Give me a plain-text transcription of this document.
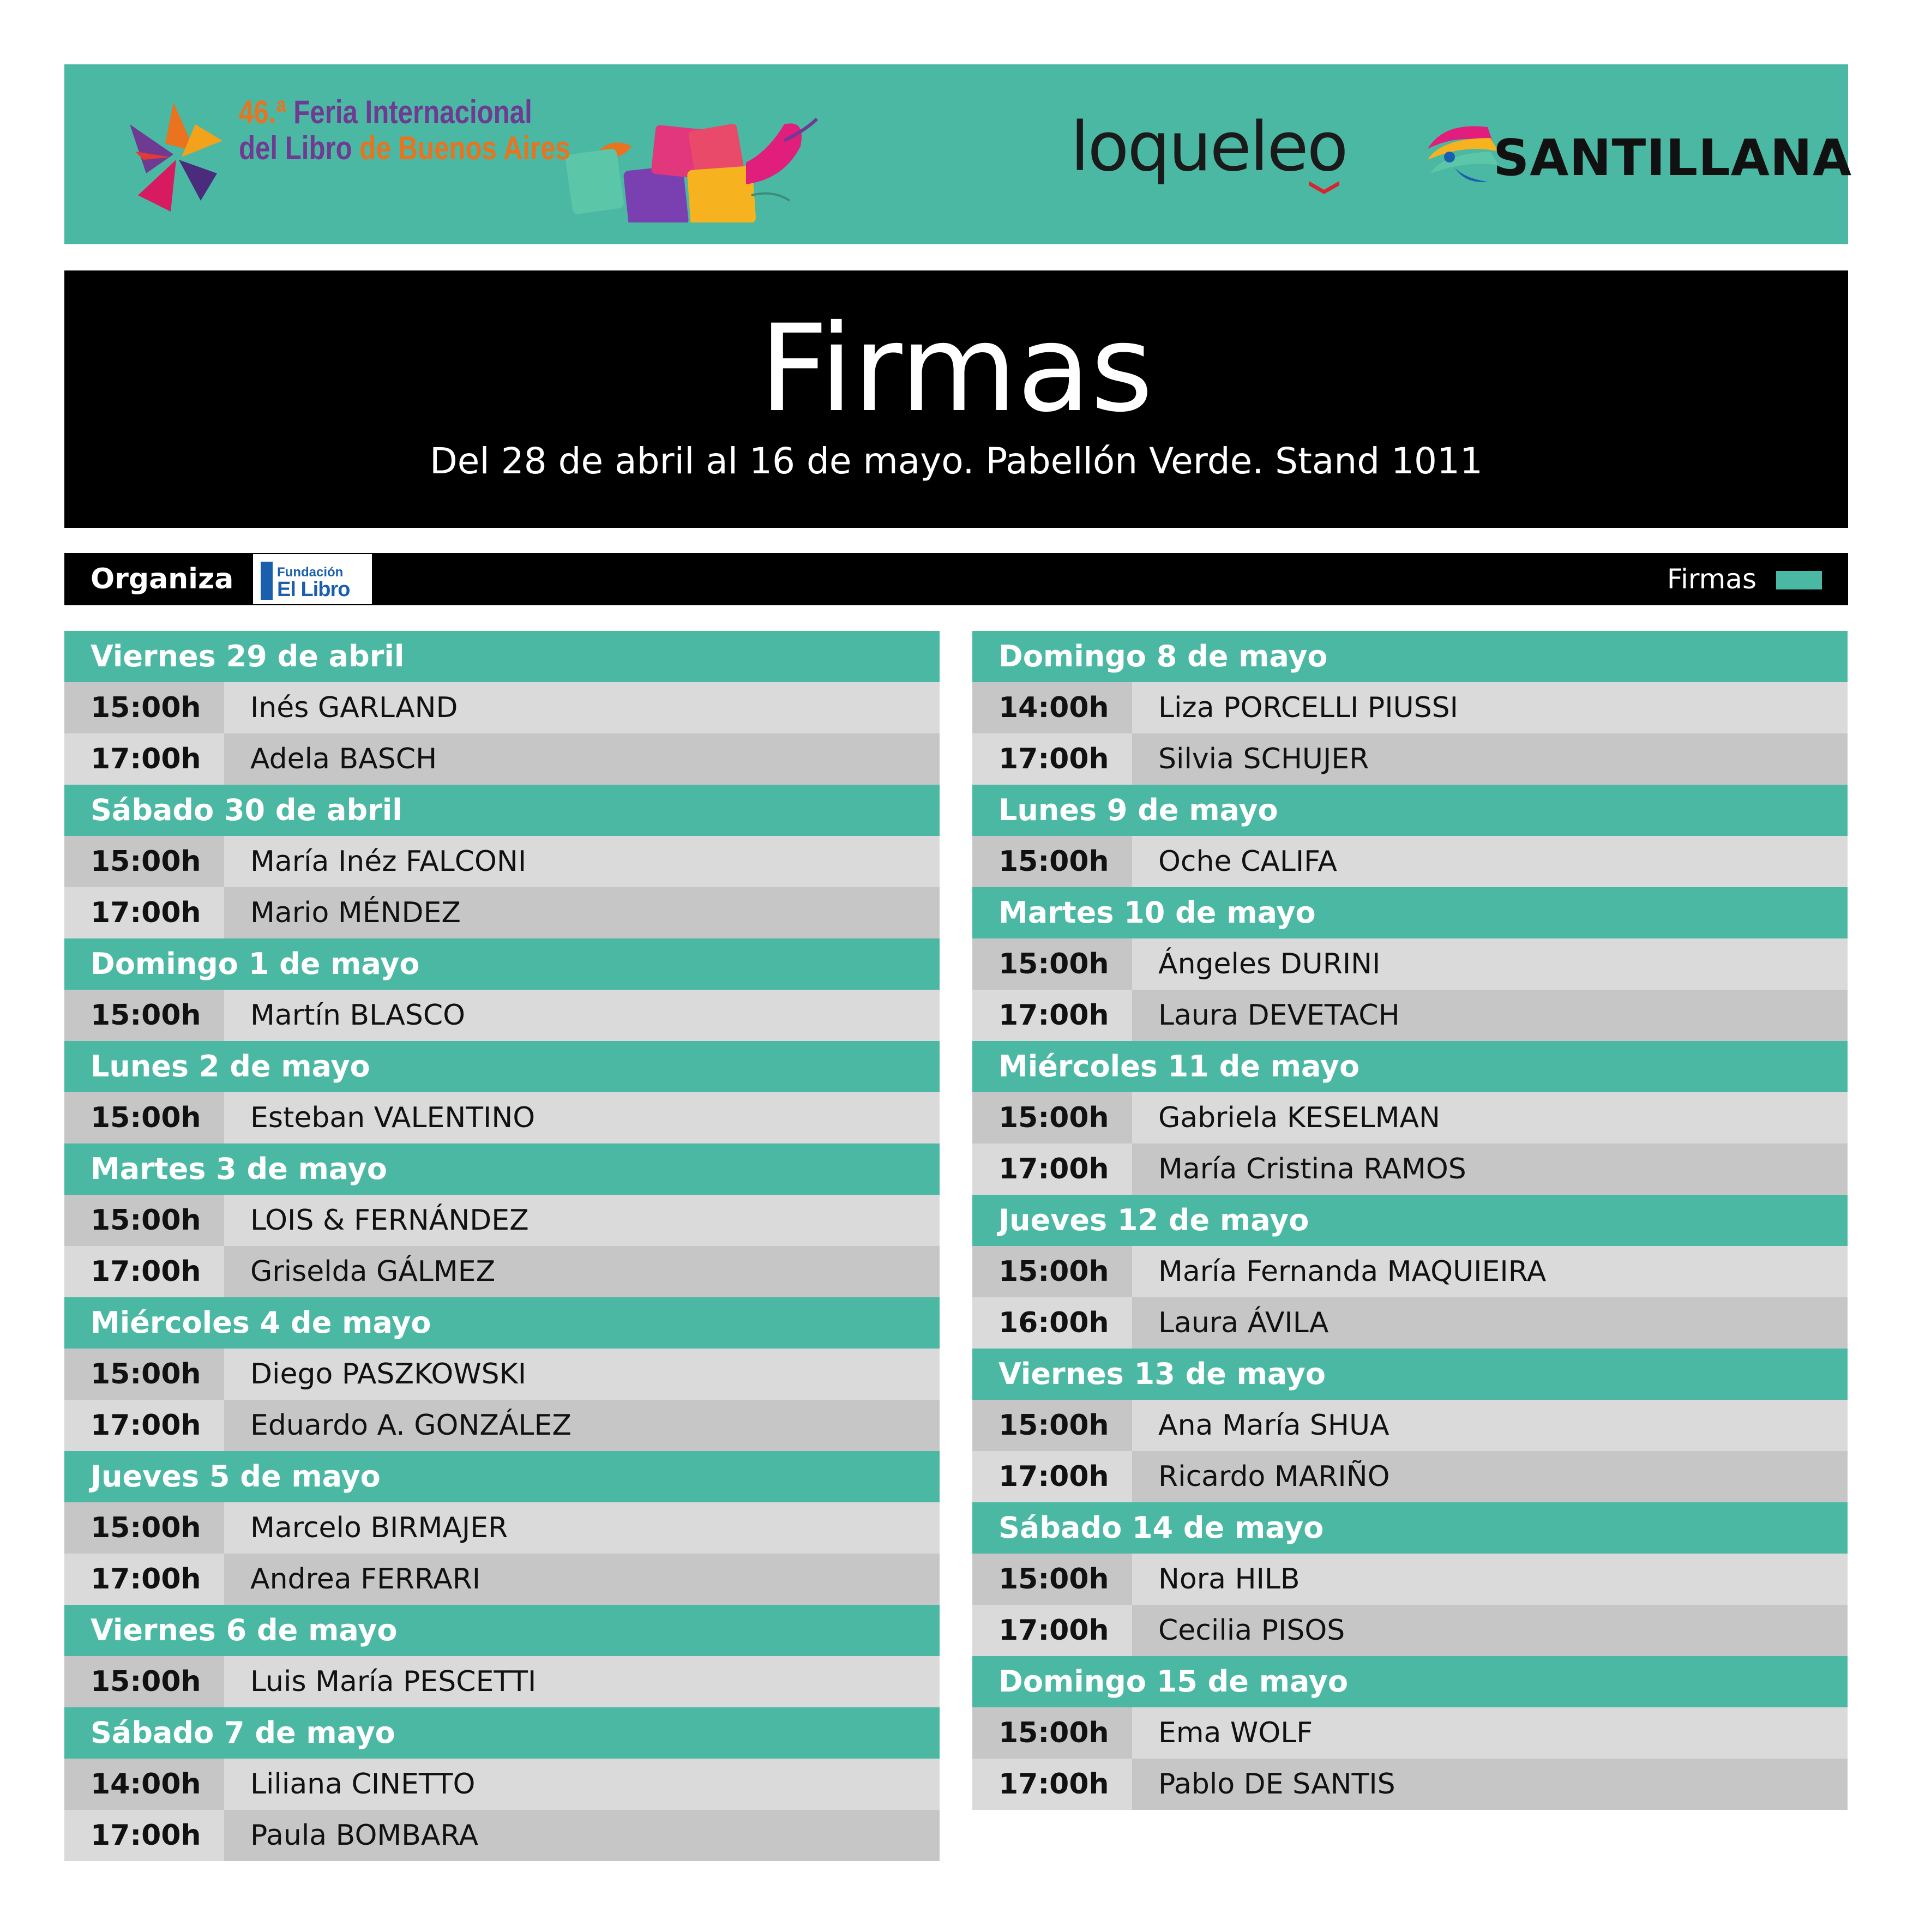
46.ª Feria Internacional
del Libro de Buenos Aires	loqueleo	SANTILLANA
Firmas
Del 28 de abril al 16 de mayo. Pabellón Verde. Stand 1011
Organiza	Fundación
El Libro	Firmas
Viernes 29 de abril
15:00h	Inés GARLAND
17:00h	Adela BASCH
Sábado 30 de abril
15:00h	María Inéz FALCONI
17:00h	Mario MÉNDEZ
Domingo 1 de mayo
15:00h	Martín BLASCO
Lunes 2 de mayo
15:00h	Esteban VALENTINO
Martes 3 de mayo
15:00h	LOIS & FERNÁNDEZ
17:00h	Griselda GÁLMEZ
Miércoles 4 de mayo
15:00h	Diego PASZKOWSKI
17:00h	Eduardo A. GONZÁLEZ
Jueves 5 de mayo
15:00h	Marcelo BIRMAJER
17:00h	Andrea FERRARI
Viernes 6 de mayo
15:00h	Luis María PESCETTI
Sábado 7 de mayo
14:00h	Liliana CINETTO
17:00h	Paula BOMBARA
Domingo 8 de mayo
14:00h	Liza PORCELLI PIUSSI
17:00h	Silvia SCHUJER
Lunes 9 de mayo
15:00h	Oche CALIFA
Martes 10 de mayo
15:00h	Ángeles DURINI
17:00h	Laura DEVETACH
Miércoles 11 de mayo
15:00h	Gabriela KESELMAN
17:00h	María Cristina RAMOS
Jueves 12 de mayo
15:00h	María Fernanda MAQUIEIRA
16:00h	Laura ÁVILA
Viernes 13 de mayo
15:00h	Ana María SHUA
17:00h	Ricardo MARIÑO
Sábado 14 de mayo
15:00h	Nora HILB
17:00h	Cecilia PISOS
Domingo 15 de mayo
15:00h	Ema WOLF
17:00h	Pablo DE SANTIS
